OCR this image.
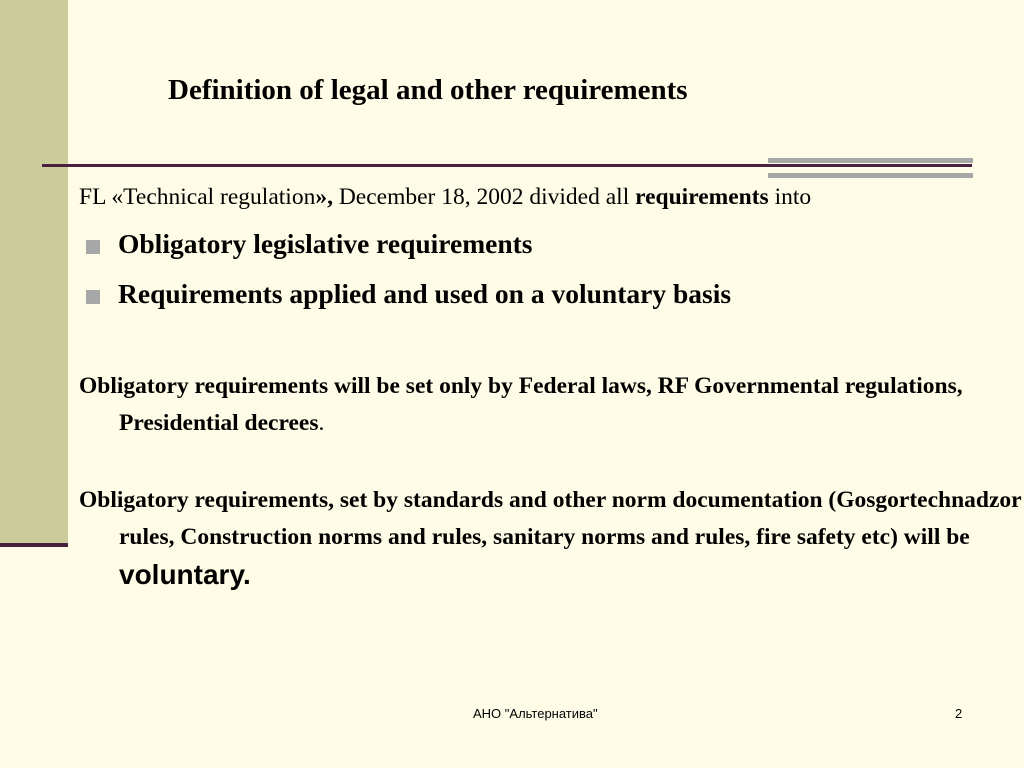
Definition of legal and other requirements
FL «Technical regulation», December 18, 2002 divided all requirements into
Obligatory legislative requirements
Requirements applied and used on a voluntary basis
Obligatory requirements will be set only by Federal laws, RF Governmental regulations, Presidential decrees.
Obligatory requirements, set by standards and other norm documentation (Gosgortechnadzor rules, Construction norms and rules, sanitary norms and rules, fire safety etc) will be voluntary.
АНО "Альтернатива"	2
